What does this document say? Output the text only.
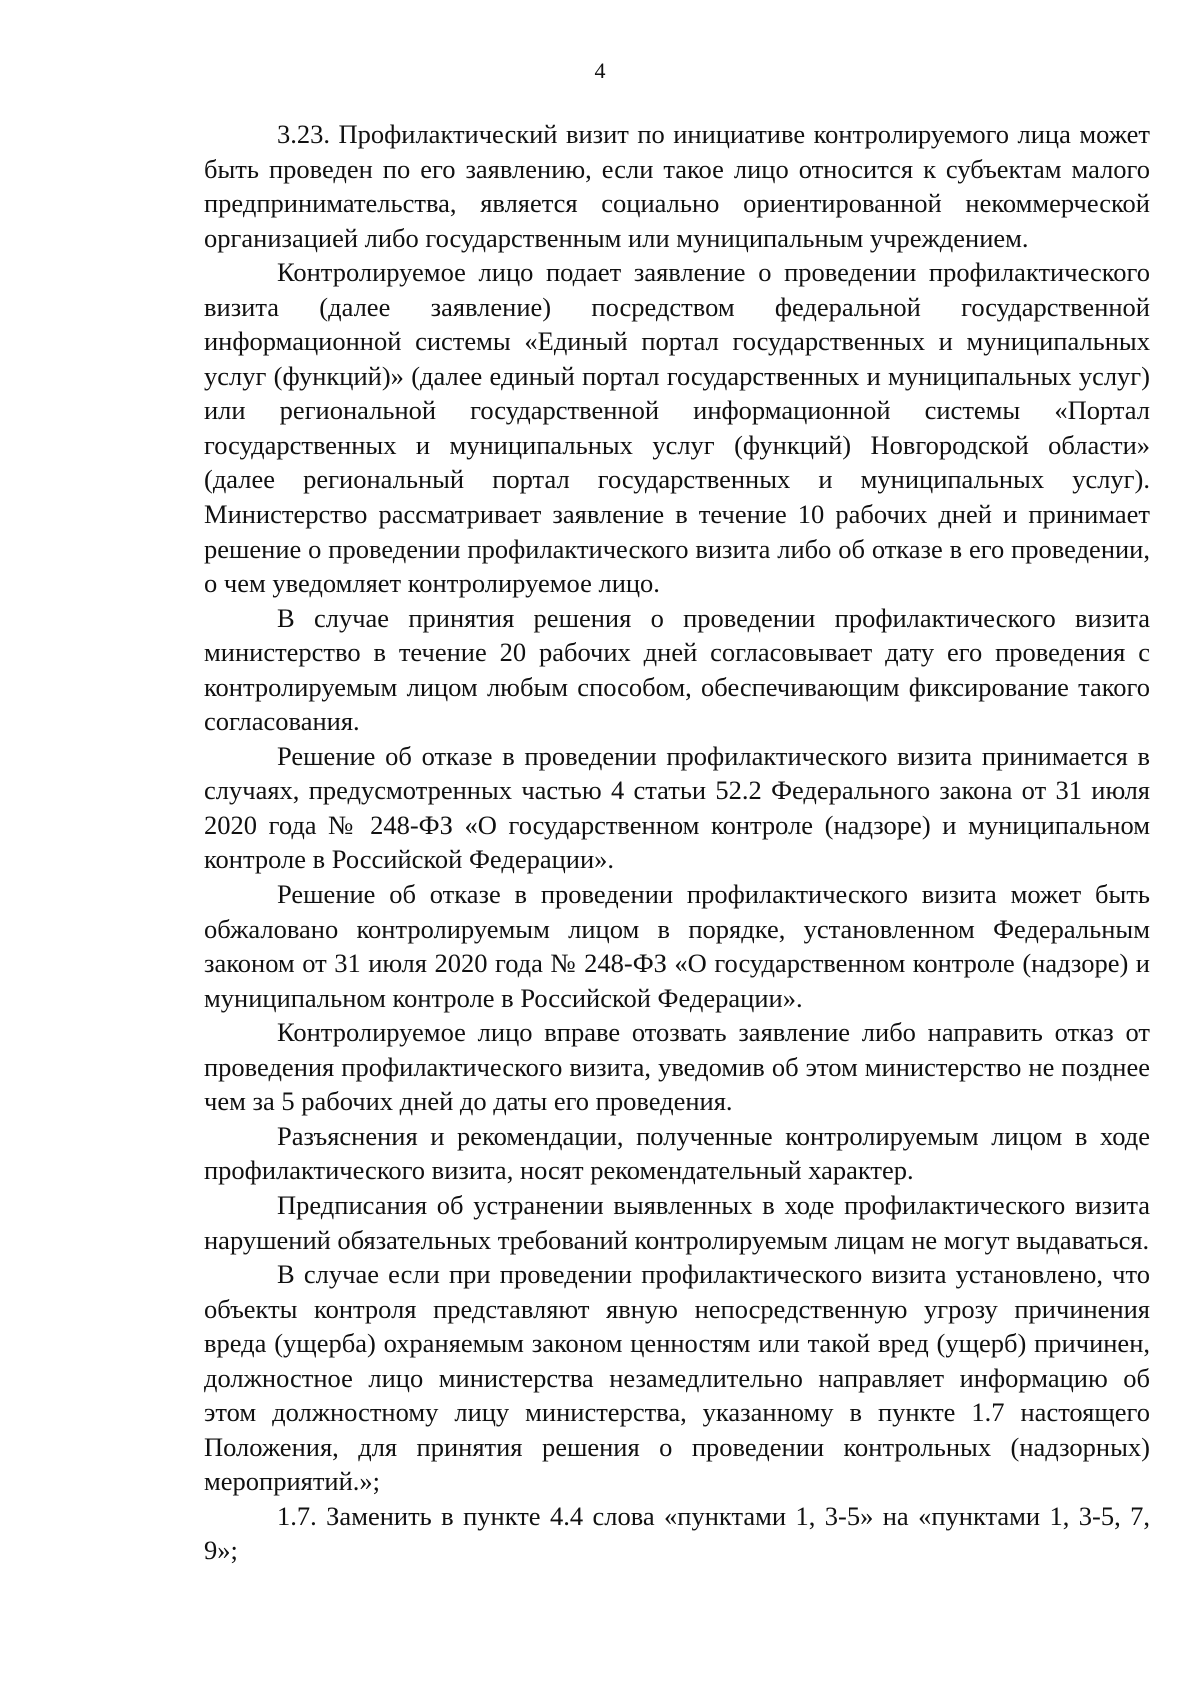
4

3.23. Профилактический визит по инициативе контролируемого лица может быть проведен по его заявлению, если такое лицо относится к субъектам малого предпринимательства, является социально ориентированной некоммерческой организацией либо государственным или муниципальным учреждением.

Контролируемое лицо подает заявление о проведении профилактического визита (далее заявление) посредством федеральной государственной информационной системы «Единый портал государственных и муниципальных услуг (функций)» (далее единый портал государственных и муниципальных услуг) или региональной государственной информационной системы «Портал государственных и муниципальных услуг (функций) Новгородской области» (далее региональный портал государственных и муниципальных услуг). Министерство рассматривает заявление в течение 10 рабочих дней и принимает решение о проведении профилактического визита либо об отказе в его проведении, о чем уведомляет контролируемое лицо.

В случае принятия решения о проведении профилактического визита министерство в течение 20 рабочих дней согласовывает дату его проведения с контролируемым лицом любым способом, обеспечивающим фиксирование такого согласования.

Решение об отказе в проведении профилактического визита принимается в случаях, предусмотренных частью 4 статьи 52.2 Федерального закона от 31 июля 2020 года № 248-ФЗ «О государственном контроле (надзоре) и муниципальном контроле в Российской Федерации».

Решение об отказе в проведении профилактического визита может быть обжаловано контролируемым лицом в порядке, установленном Федеральным законом от 31 июля 2020 года № 248-ФЗ «О государственном контроле (надзоре) и муниципальном контроле в Российской Федерации».

Контролируемое лицо вправе отозвать заявление либо направить отказ от проведения профилактического визита, уведомив об этом министерство не позднее чем за 5 рабочих дней до даты его проведения.

Разъяснения и рекомендации, полученные контролируемым лицом в ходе профилактического визита, носят рекомендательный характер.

Предписания об устранении выявленных в ходе профилактического визита нарушений обязательных требований контролируемым лицам не могут выдаваться.

В случае если при проведении профилактического визита установлено, что объекты контроля представляют явную непосредственную угрозу причинения вреда (ущерба) охраняемым законом ценностям или такой вред (ущерб) причинен, должностное лицо министерства незамедлительно направляет информацию об этом должностному лицу министерства, указанному в пункте 1.7 настоящего Положения, для принятия решения о проведении контрольных (надзорных) мероприятий.»;

1.7. Заменить в пункте 4.4 слова «пунктами 1, 3-5» на «пунктами 1, 3-5, 7, 9»;
